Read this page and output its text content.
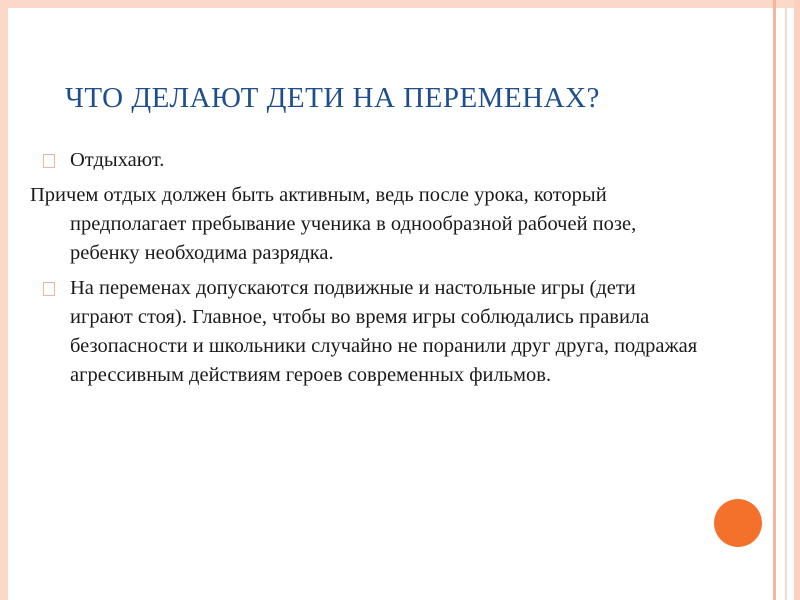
ЧТО ДЕЛАЮТ ДЕТИ НА ПЕРЕМЕНАХ?

Отдыхают.

Причем отдых должен быть активным, ведь после урока, который предполагает пребывание ученика в однообразной рабочей позе, ребенку необходима разрядка.

На переменах допускаются подвижные и настольные игры (дети играют стоя). Главное, чтобы во время игры соблюдались правила безопасности и школьники случайно не поранили друг друга, подражая агрессивным действиям героев современных фильмов.
